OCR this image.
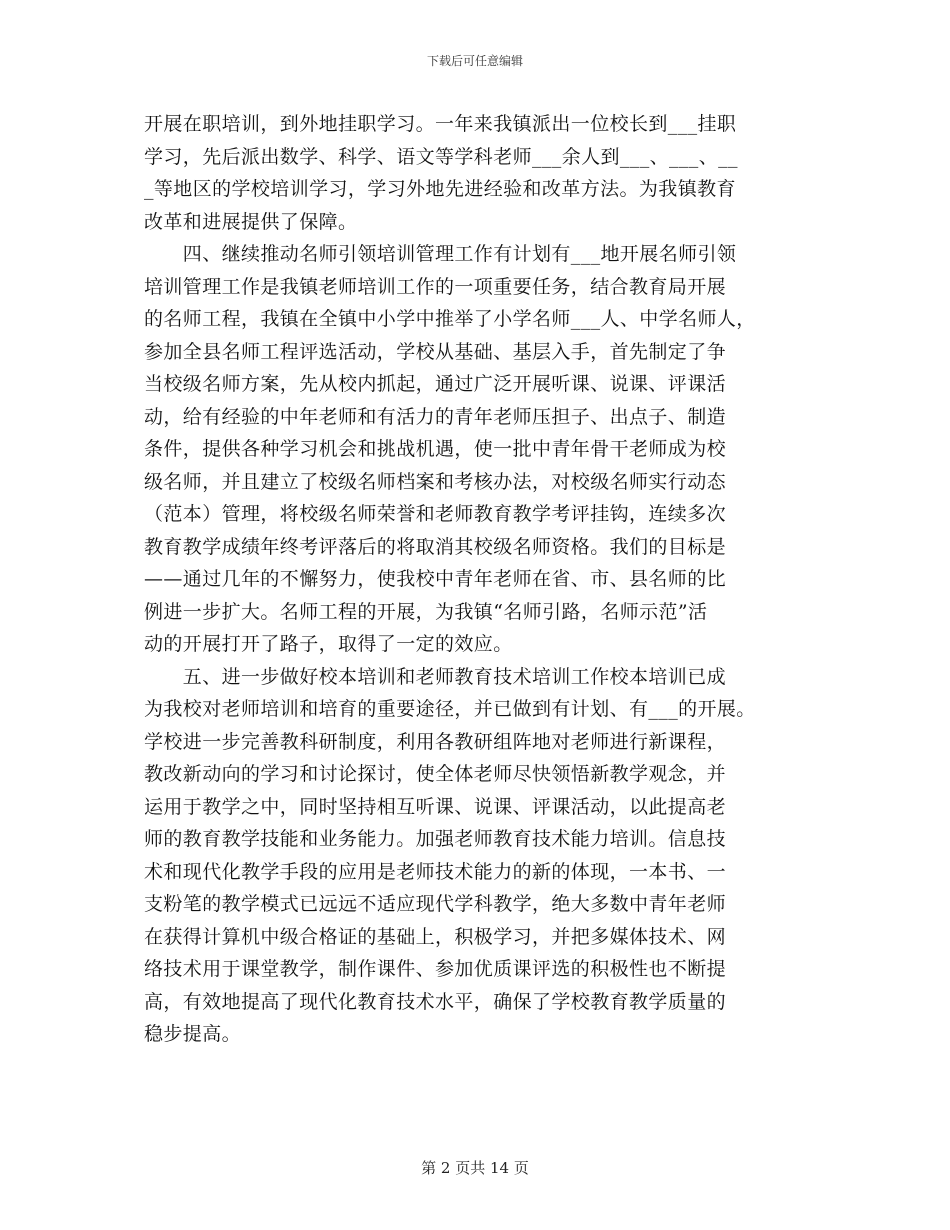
下载后可任意编辑
开展在职培训，到外地挂职学习。一年来我镇派出一位校长到___挂职
学习，先后派出数学、科学、语文等学科老师___余人到___、___、__
_等地区的学校培训学习，学习外地先进经验和改革方法。为我镇教育
改革和进展提供了保障。
　　四、继续推动名师引领培训管理工作有计划有___地开展名师引领
培训管理工作是我镇老师培训工作的一项重要任务，结合教育局开展
的名师工程，我镇在全镇中小学中推举了小学名师___人、中学名师人，
参加全县名师工程评选活动，学校从基础、基层入手，首先制定了争
当校级名师方案，先从校内抓起，通过广泛开展听课、说课、评课活
动，给有经验的中年老师和有活力的青年老师压担子、出点子、制造
条件，提供各种学习机会和挑战机遇，使一批中青年骨干老师成为校
级名师，并且建立了校级名师档案和考核办法，对校级名师实行动态
（范本）管理，将校级名师荣誉和老师教育教学考评挂钩，连续多次
教育教学成绩年终考评落后的将取消其校级名师资格。我们的目标是
——通过几年的不懈努力，使我校中青年老师在省、市、县名师的比
例进一步扩大。名师工程的开展，为我镇“名师引路，名师示范”活
动的开展打开了路子，取得了一定的效应。
　　五、进一步做好校本培训和老师教育技术培训工作校本培训已成
为我校对老师培训和培育的重要途径，并已做到有计划、有___的开展。
学校进一步完善教科研制度，利用各教研组阵地对老师进行新课程，
教改新动向的学习和讨论探讨，使全体老师尽快领悟新教学观念，并
运用于教学之中，同时坚持相互听课、说课、评课活动，以此提高老
师的教育教学技能和业务能力。加强老师教育技术能力培训。信息技
术和现代化教学手段的应用是老师技术能力的新的体现，一本书、一
支粉笔的教学模式已远远不适应现代学科教学，绝大多数中青年老师
在获得计算机中级合格证的基础上，积极学习，并把多媒体技术、网
络技术用于课堂教学，制作课件、参加优质课评选的积极性也不断提
高，有效地提高了现代化教育技术水平，确保了学校教育教学质量的
稳步提高。
第 2 页共 14 页
